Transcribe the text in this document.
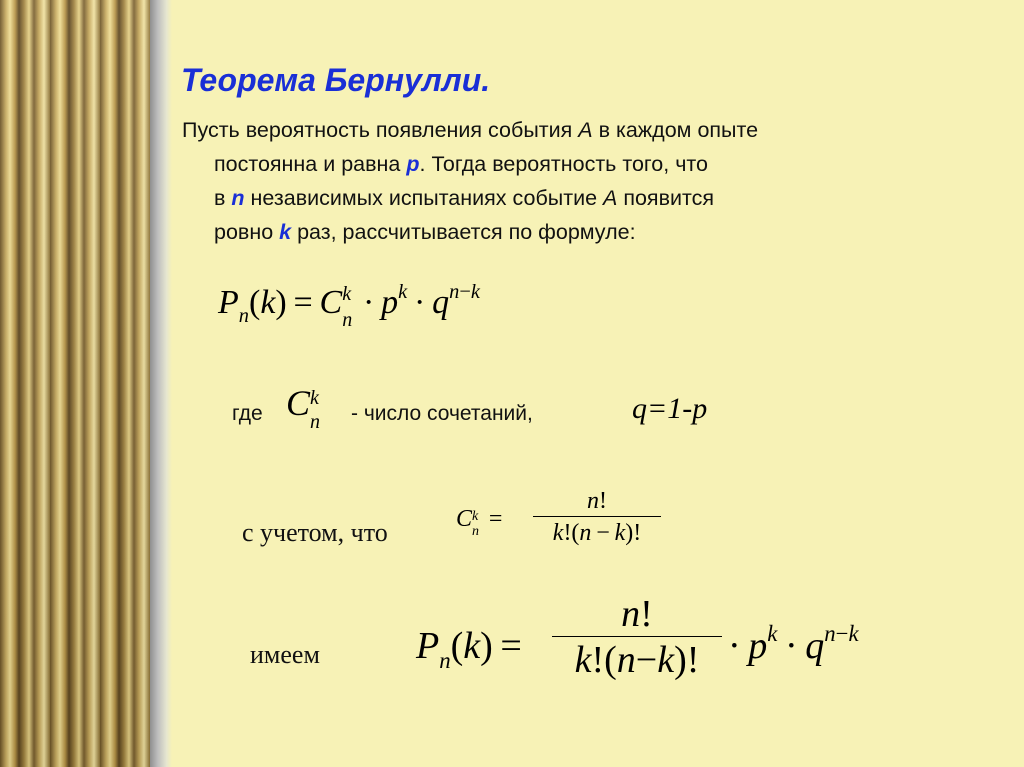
Теорема Бернулли.
Пусть вероятность появления события А в каждом опыте
постоянна и равна р. Тогда вероятность того, что
в n независимых испытаниях событие А появится
ровно k раз, рассчитывается по формуле:
$P_n(k) = C$ k
$n \cdot p^k \cdot q^{n-k}$
где C k
n - число сочетаний,	q=1-p
с учетом, что	C k
n  =
n!
k!(n − k)!
имеем	$P_n(k)$ =
n!
k!(n−k)! · $p^k \cdot q^{n-k}$
